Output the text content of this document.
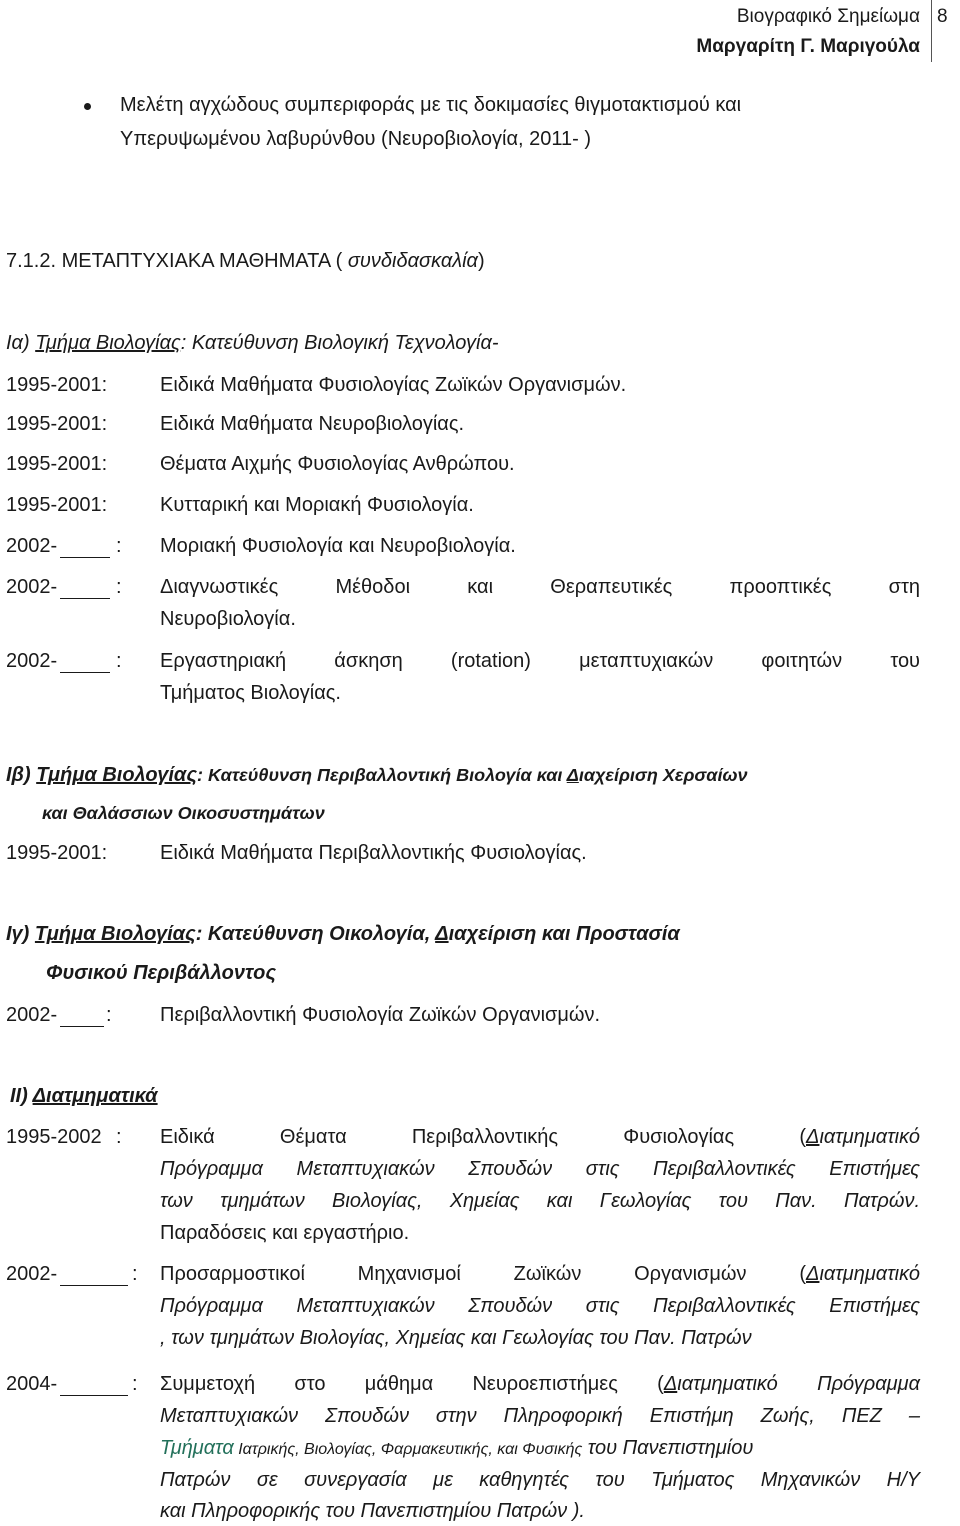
Βιογραφικό Σημείωμα
Μαργαρίτη Γ. Μαριγούλα
8
Μελέτη αγχώδους συμπεριφοράς με τις δοκιμασίες θιγμοτακτισμού και
Υπερυψωμένου λαβυρύνθου (Νευροβιολογία, 2011- )
7.1.2. ΜΕΤΑΠΤΥΧΙΑΚΑ ΜΑΘΗΜΑΤΑ ( συνδιδασκαλία)
Ια) Τμήμα Βιολογίας: Κατεύθυνση Βιολογική Τεχνολογία-
1995-2001:	Ειδικά Μαθήματα Φυσιολογίας Ζωϊκών Οργανισμών.
1995-2001:	Ειδικά Μαθήματα Νευροβιολογίας.
1995-2001:	Θέματα Αιχμής Φυσιολογίας Ανθρώπου.
1995-2001:	Κυτταρική και Μοριακή Φυσιολογία.
2002-	: Μοριακή Φυσιολογία και Νευροβιολογία.
2002-	: Διαγνωστικές Μέθοδοι και Θεραπευτικές προοπτικές στη
Νευροβιολογία.
2002-	: Εργαστηριακή άσκηση (rotation) μεταπτυχιακών φοιτητών του
Τμήματος Βιολογίας.
Ιβ) Τμήμα Βιολογίας: Κατεύθυνση Περιβαλλοντική Βιολογία και Διαχείριση Χερσαίων
και Θαλάσσιων Οικοσυστημάτων
1995-2001:	Ειδικά Μαθήματα Περιβαλλοντικής Φυσιολογίας.
Ιγ) Τμήμα Βιολογίας: Κατεύθυνση Οικολογία, Διαχείριση και Προστασία
Φυσικού Περιβάλλοντος
2002- : Περιβαλλοντική Φυσιολογία Ζωϊκών Οργανισμών.
ΙΙ) Διατμηματικά
1995-2002 : Ειδικά Θέματα Περιβαλλοντικής Φυσιολογίας (Διατμηματικό
Πρόγραμμα Μεταπτυχιακών Σπουδών στις Περιβαλλοντικές Επιστήμες
των τμημάτων Βιολογίας, Χημείας και Γεωλογίας του Παν. Πατρών.
Παραδόσεις και εργαστήριο.
2002-	: Προσαρμοστικοί Μηχανισμοί Ζωϊκών Οργανισμών (Διατμηματικό
Πρόγραμμα Μεταπτυχιακών Σπουδών στις Περιβαλλοντικές Επιστήμες
, των τμημάτων Βιολογίας, Χημείας και Γεωλογίας του Παν. Πατρών
2004-	: Συμμετοχή στο μάθημα Νευροεπιστήμες (Διατμηματικό Πρόγραμμα
Μεταπτυχιακών Σπουδών στην Πληροφορική Επιστήμη Ζωής, ΠΕΖ –
Τμήματα Ιατρικής, Βιολογίας, Φαρμακευτικής, και Φυσικής του Πανεπιστημίου
Πατρών σε συνεργασία με καθηγητές του Τμήματος Μηχανικών Η/Υ
και Πληροφορικής του Πανεπιστημίου Πατρών ).
